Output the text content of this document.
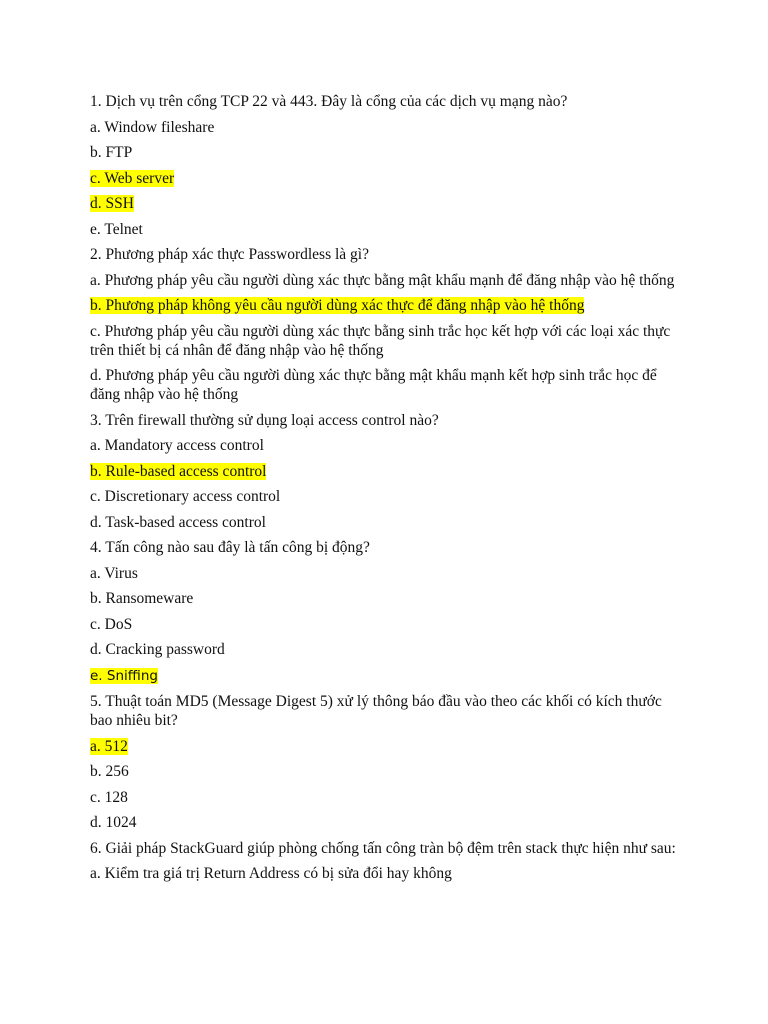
1. Dịch vụ trên cổng TCP 22 và 443. Đây là cổng của các dịch vụ mạng nào?

a. Window fileshare

b. FTP

c. Web server

d. SSH

e. Telnet

2. Phương pháp xác thực Passwordless là gì?

a. Phương pháp yêu cầu người dùng xác thực bằng mật khẩu mạnh để đăng nhập vào hệ thống

b. Phương pháp không yêu cầu người dùng xác thực để đăng nhập vào hệ thống

c. Phương pháp yêu cầu người dùng xác thực bằng sinh trắc học kết hợp với các loại xác thực trên thiết bị cá nhân để đăng nhập vào hệ thống

d. Phương pháp yêu cầu người dùng xác thực bằng mật khẩu mạnh kết hợp sinh trắc học để đăng nhập vào hệ thống

3. Trên firewall thường sử dụng loại access control nào?

a. Mandatory access control

b. Rule-based access control

c. Discretionary access control

d. Task-based access control

4. Tấn công nào sau đây là tấn công bị động?

a. Virus

b. Ransomeware

c. DoS

d. Cracking password

e. Sniffing

5. Thuật toán MD5 (Message Digest 5) xử lý thông báo đầu vào theo các khối có kích thước bao nhiêu bit?

a. 512

b. 256

c. 128

d. 1024

6. Giải pháp StackGuard giúp phòng chống tấn công tràn bộ đệm trên stack thực hiện như sau:

a. Kiểm tra giá trị Return Address có bị sửa đổi hay không
